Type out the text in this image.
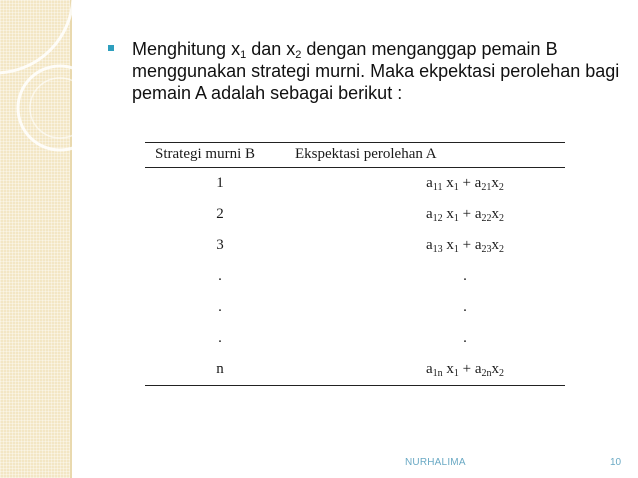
Menghitung $x_1$ dan $x_2$ dengan menganggap pemain B menggunakan strategi murni. Maka ekpektasi perolehan bagi pemain A adalah sebagai berikut :

Strategi murni B	Ekspektasi perolehan A
1	$a_{11}$ $x_1 + a_{21}x_2$
2	$a_{12}$ $x_1 + a_{22}x_2$
3	$a_{13}$ $x_1 + a_{23}x_2$
.	.
.	.
.	.
n	$a_{1n}$ $x_1 + a_{2n}x_2$
NURHALIMA	10
